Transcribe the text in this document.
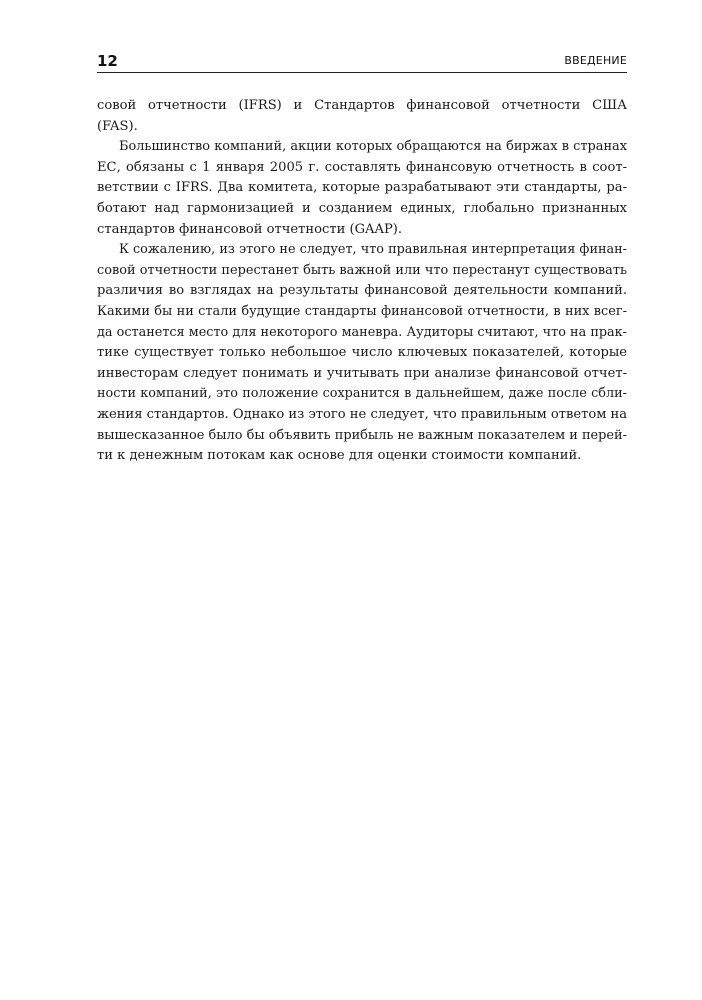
12	ВВЕДЕНИЕ

совой отчетности (IFRS) и Стандартов финансовой отчетности США
(FAS).

Большинство компаний, акции которых обращаются на биржах в странах
ЕС, обязаны с 1 января 2005 г. составлять финансовую отчетность в соот-
ветствии с IFRS. Два комитета, которые разрабатывают эти стандарты, ра-
ботают над гармонизацией и созданием единых, глобально признанных
стандартов финансовой отчетности (GAAP).

К сожалению, из этого не следует, что правильная интерпретация финан-
совой отчетности перестанет быть важной или что перестанут существовать
различия во взглядах на результаты финансовой деятельности компаний.
Какими бы ни стали будущие стандарты финансовой отчетности, в них всег-
да останется место для некоторого маневра. Аудиторы считают, что на прак-
тике существует только небольшое число ключевых показателей, которые
инвесторам следует понимать и учитывать при анализе финансовой отчет-
ности компаний, это положение сохранится в дальнейшем, даже после сбли-
жения стандартов. Однако из этого не следует, что правильным ответом на
вышесказанное было бы объявить прибыль не важным показателем и перей-
ти к денежным потокам как основе для оценки стоимости компаний.
